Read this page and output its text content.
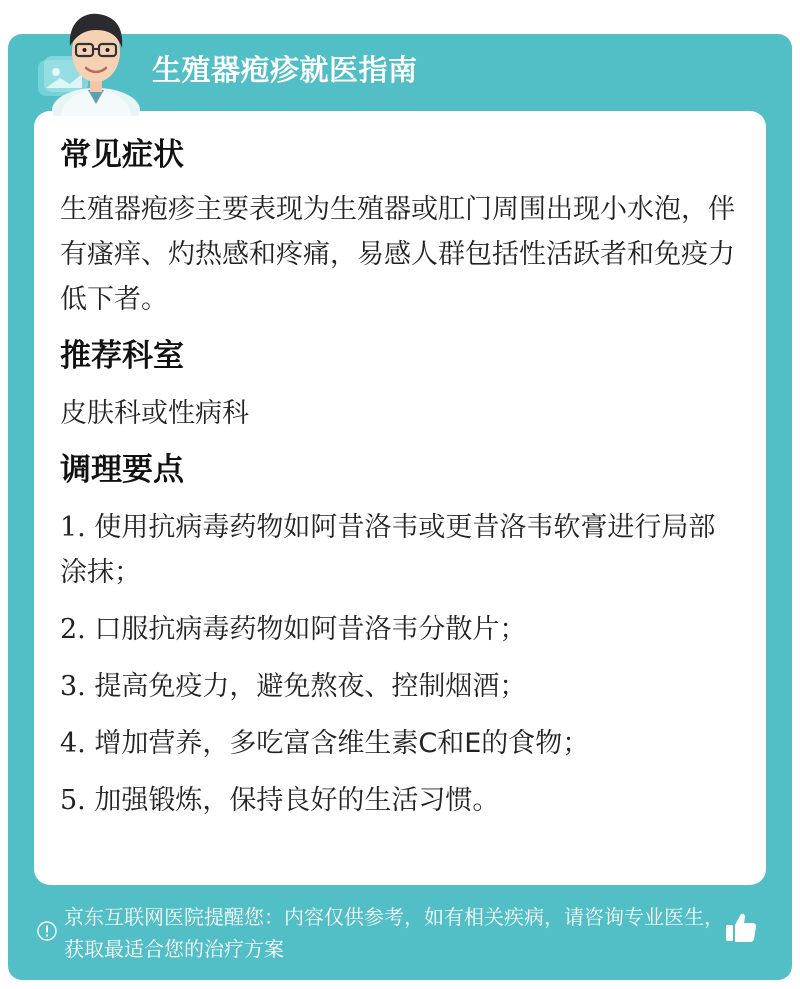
生殖器疱疹就医指南
常见症状

生殖器疱疹主要表现为生殖器或肛门周围出现小水泡，伴有瘙痒、灼热感和疼痛，易感人群包括性活跃者和免疫力低下者。

推荐科室

皮肤科或性病科

调理要点
1. 使用抗病毒药物如阿昔洛韦或更昔洛韦软膏进行局部涂抹；
2. 口服抗病毒药物如阿昔洛韦分散片；
3. 提高免疫力，避免熬夜、控制烟酒；
4. 增加营养，多吃富含维生素C和E的食物；
5. 加强锻炼，保持良好的生活习惯。
京东互联网医院提醒您：内容仅供参考，如有相关疾病，请咨询专业医生，获取最适合您的治疗方案
